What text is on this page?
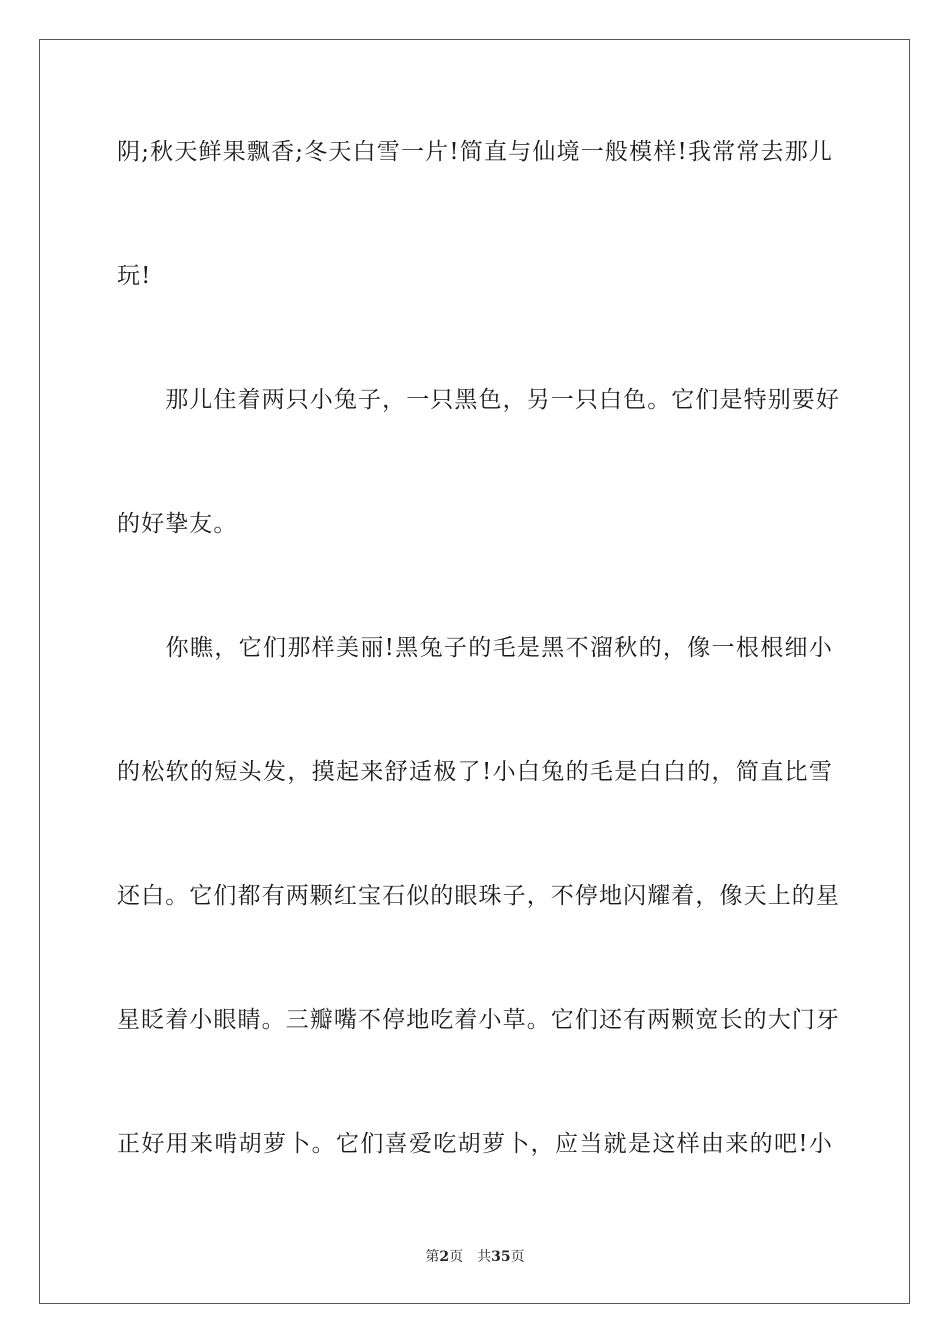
阴;秋天鲜果飘香;冬天白雪一片!简直与仙境一般模样!我常常去那儿
玩!
　　那儿住着两只小兔子，一只黑色，另一只白色。它们是特别要好
的好挚友。
　　你瞧，它们那样美丽!黑兔子的毛是黑不溜秋的，像一根根细小
的松软的短头发，摸起来舒适极了!小白兔的毛是白白的，简直比雪
还白。它们都有两颗红宝石似的眼珠子，不停地闪耀着，像天上的星
星眨着小眼睛。三瓣嘴不停地吃着小草。它们还有两颗宽长的大门牙
正好用来啃胡萝卜。它们喜爱吃胡萝卜，应当就是这样由来的吧!小
第2页 共35页
